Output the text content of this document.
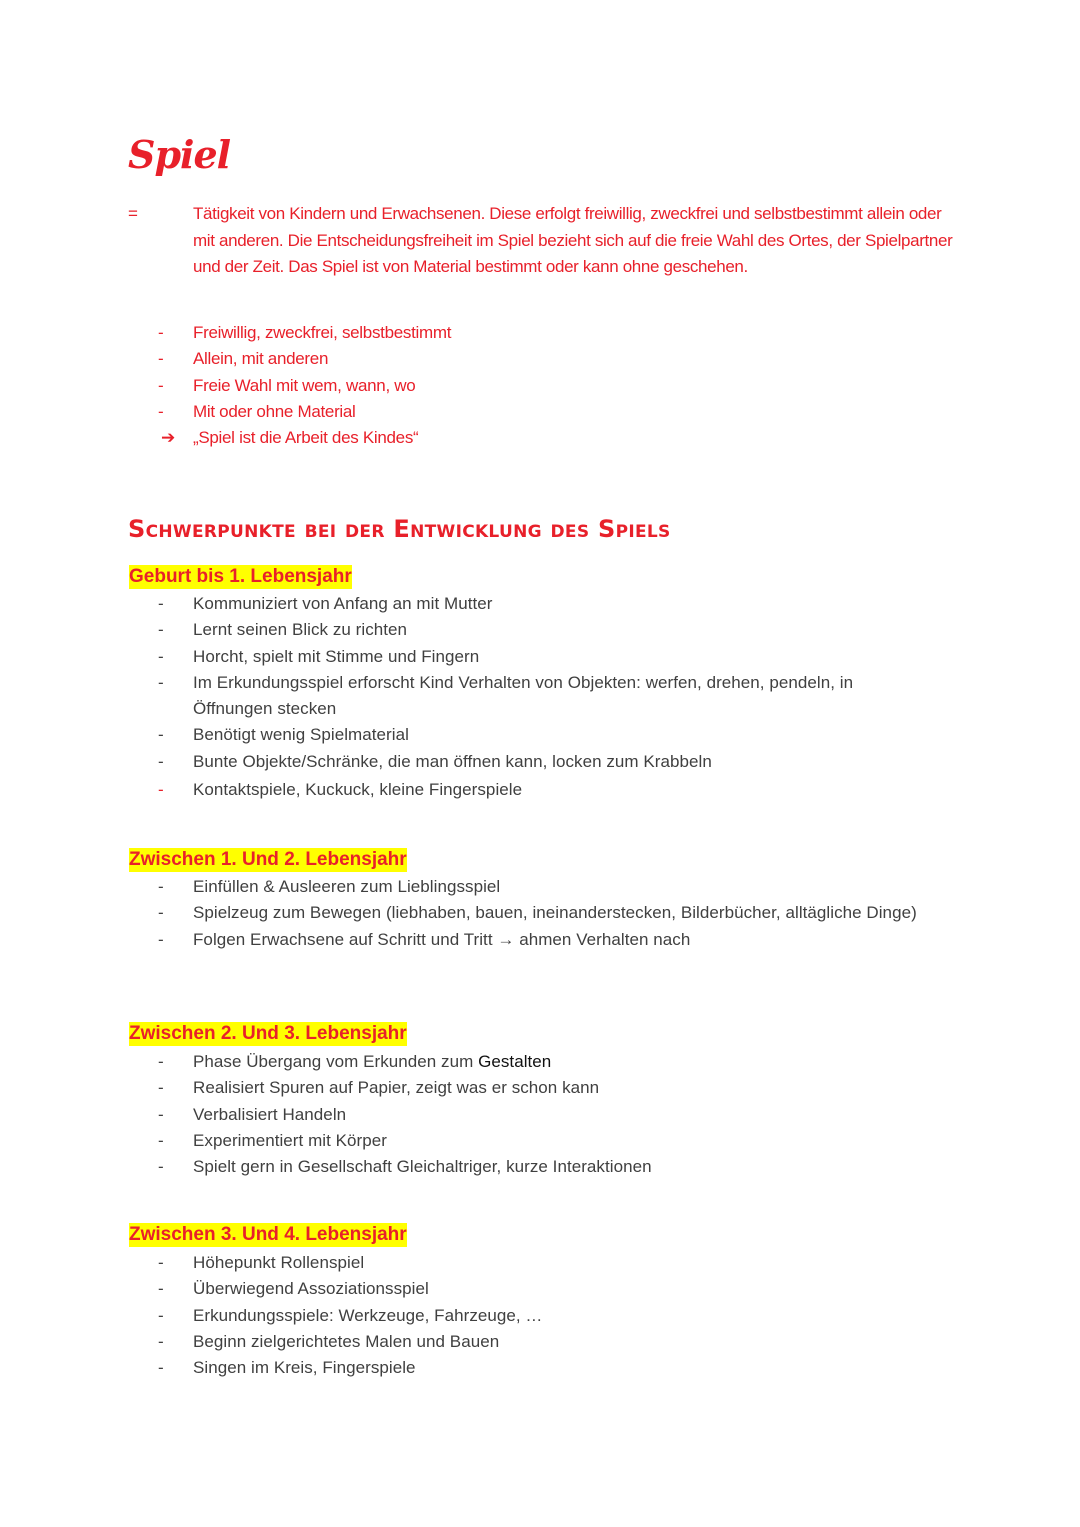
Spiel
=	Tätigkeit von Kindern und Erwachsenen. Diese erfolgt freiwillig, zweckfrei und selbstbestimmt allein oder mit anderen. Die Entscheidungsfreiheit im Spiel bezieht sich auf die freie Wahl des Ortes, der Spielpartner und der Zeit. Das Spiel ist von Material bestimmt oder kann ohne geschehen.

- Freiwillig, zweckfrei, selbstbestimmt
- Allein, mit anderen
- Freie Wahl mit wem, wann, wo
- Mit oder ohne Material
➔ „Spiel ist die Arbeit des Kindes“
Schwerpunkte bei der Entwicklung des Spiels
Geburt bis 1. Lebensjahr
- Kommuniziert von Anfang an mit Mutter
- Lernt seinen Blick zu richten
- Horcht, spielt mit Stimme und Fingern
- Im Erkundungsspiel erforscht Kind Verhalten von Objekten: werfen, drehen, pendeln, in Öffnungen stecken
- Benötigt wenig Spielmaterial
- Bunte Objekte/Schränke, die man öffnen kann, locken zum Krabbeln
- Kontaktspiele, Kuckuck, kleine Fingerspiele
Zwischen 1. Und 2. Lebensjahr
- Einfüllen & Ausleeren zum Lieblingsspiel
- Spielzeug zum Bewegen (liebhaben, bauen, ineinanderstecken, Bilderbücher, alltägliche Dinge)
- Folgen Erwachsene auf Schritt und Tritt → ahmen Verhalten nach
Zwischen 2. Und 3. Lebensjahr
- Phase Übergang vom Erkunden zum Gestalten
- Realisiert Spuren auf Papier, zeigt was er schon kann
- Verbalisiert Handeln
- Experimentiert mit Körper
- Spielt gern in Gesellschaft Gleichaltriger, kurze Interaktionen
Zwischen 3. Und 4. Lebensjahr
- Höhepunkt Rollenspiel
- Überwiegend Assoziationsspiel
- Erkundungsspiele: Werkzeuge, Fahrzeuge, …
- Beginn zielgerichtetes Malen und Bauen
- Singen im Kreis, Fingerspiele
